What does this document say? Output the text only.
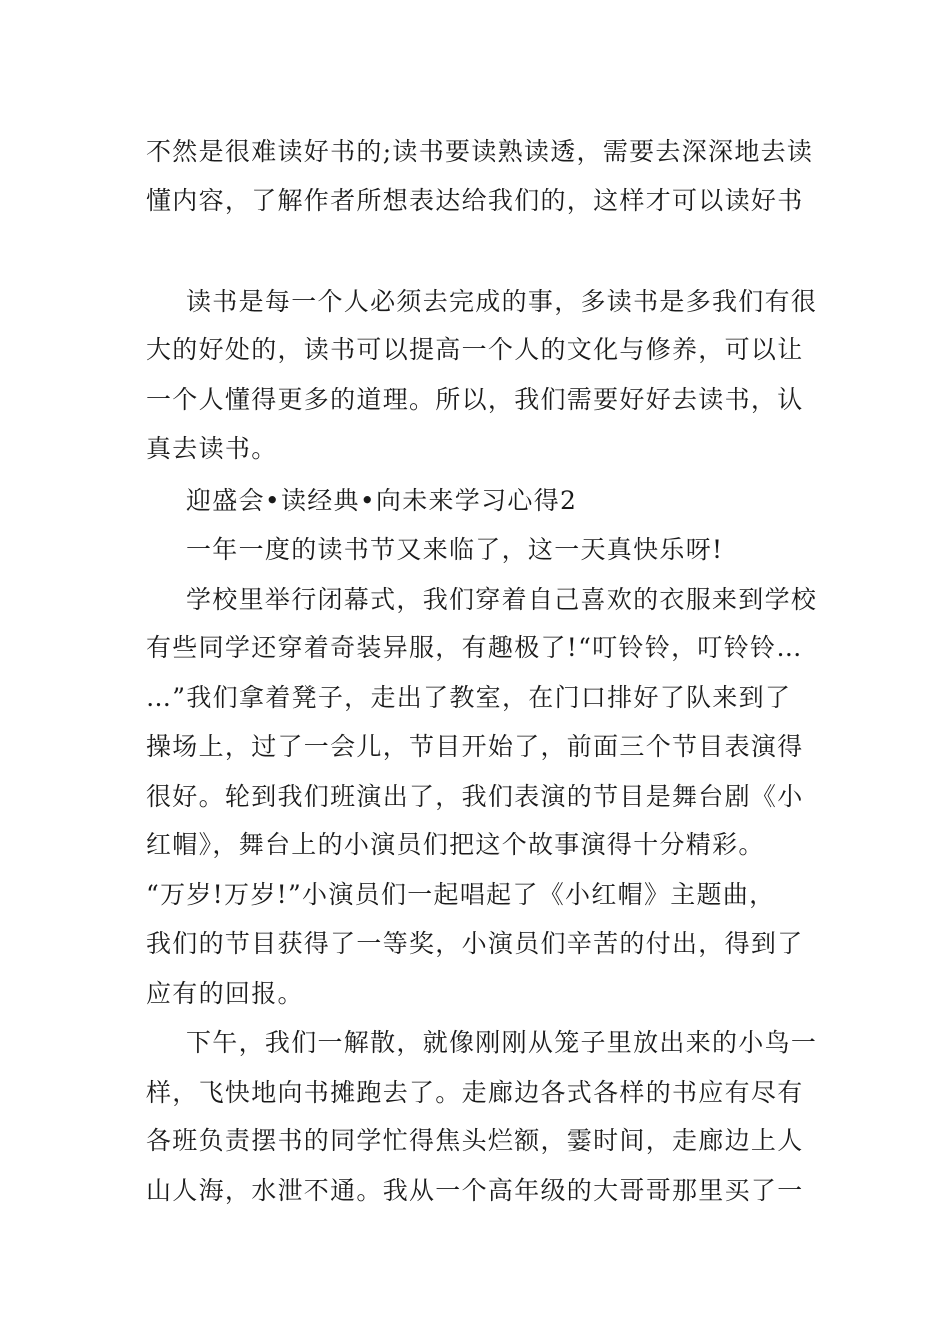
不然是很难读好书的;读书要读熟读透，需要去深深地去读
懂内容，了解作者所想表达给我们的，这样才可以读好书
读书是每一个人必须去完成的事，多读书是多我们有很
大的好处的，读书可以提高一个人的文化与修养，可以让
一个人懂得更多的道理。所以，我们需要好好去读书，认
真去读书。
迎盛会•读经典•向未来学习心得2
一年一度的读书节又来临了，这一天真快乐呀!
学校里举行闭幕式，我们穿着自己喜欢的衣服来到学校
有些同学还穿着奇装异服，有趣极了!“叮铃铃，叮铃铃…
…”我们拿着凳子，走出了教室，在门口排好了队来到了
操场上，过了一会儿，节目开始了，前面三个节目表演得
很好。轮到我们班演出了，我们表演的节目是舞台剧《小
红帽》，舞台上的小演员们把这个故事演得十分精彩。
“万岁!万岁!”小演员们一起唱起了《小红帽》主题曲，
我们的节目获得了一等奖，小演员们辛苦的付出，得到了
应有的回报。
下午，我们一解散，就像刚刚从笼子里放出来的小鸟一
样，飞快地向书摊跑去了。走廊边各式各样的书应有尽有
各班负责摆书的同学忙得焦头烂额，霎时间，走廊边上人
山人海，水泄不通。我从一个高年级的大哥哥那里买了一
